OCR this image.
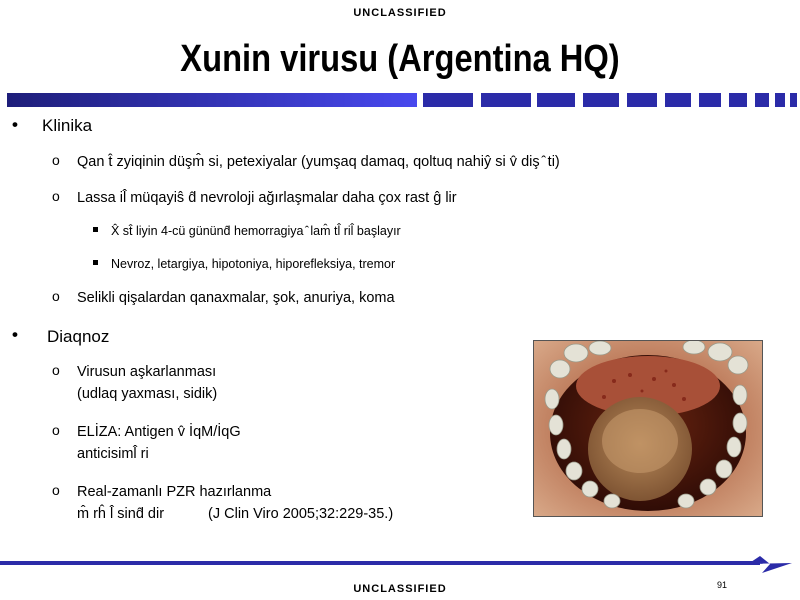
UNCLASSIFIED
Xunin virusu (Argentina HQ)
• Klinika
o Qan t̂ zyiqinin düşm̂ si, petexiyalar (yumşaq damaq, qoltuq nahiŷ si v̂ diş ̂ ti)
o Lassa il̂ müqayiŝ d̂ nevroloji ağırlaşmalar daha çox rast ĝ lir
X̂ st̂ liyin 4-cü gününd̂ hemorragiya ̂ lam̂ tl̂ ril̂ başlayır
Nevroz, letargiya, hipotoniya, hiporefleksiya, tremor
o Selikli qişalardan qanaxmalar, şok, anuriya, koma
• Diaqnoz
o Virusun aşkarlanması
(udlaq yaxması, sidik)
o ELİZA: Antigen v̂ İqM/İqG
anticisiml̂ ri
o Real-zamanlı PZR hazırlanma
m̂ rĥ l̂ sind̂ dir	(J Clin Viro 2005;32:229-35.)
UNCLASSIFIED	91
